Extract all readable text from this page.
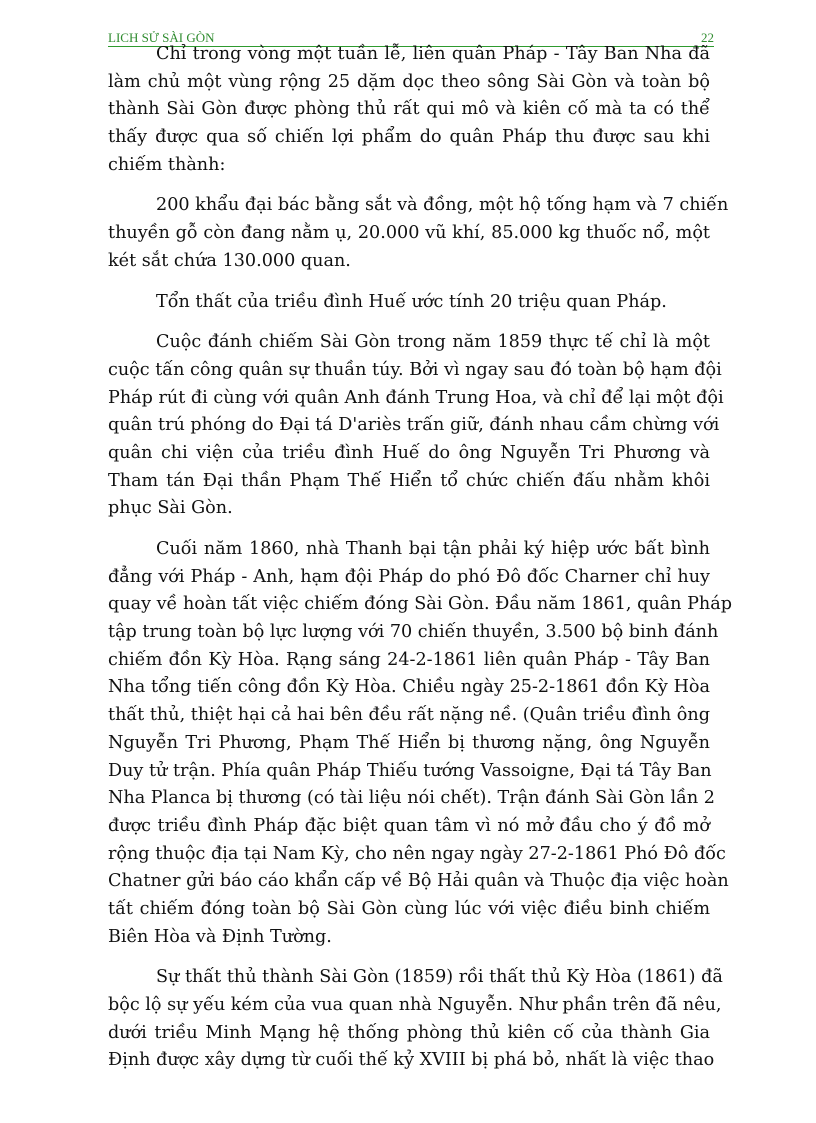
LICH SỬ SÀI GÒN	22
Chỉ trong vòng một tuần lễ, liên quân Pháp - Tây Ban Nha đã
làm chủ một vùng rộng 25 dặm dọc theo sông Sài Gòn và toàn bộ
thành Sài Gòn được phòng thủ rất qui mô và kiên cố mà ta có thể
thấy được qua số chiến lợi phẩm do quân Pháp thu được sau khi
chiếm thành:
200 khẩu đại bác bằng sắt và đồng, một hộ tống hạm và 7 chiến
thuyền gỗ còn đang nằm ụ, 20.000 vũ khí, 85.000 kg thuốc nổ, một
két sắt chứa 130.000 quan.
Tổn thất của triều đình Huế ước tính 20 triệu quan Pháp.
Cuộc đánh chiếm Sài Gòn trong năm 1859 thực tế chỉ là một
cuộc tấn công quân sự thuần túy. Bởi vì ngay sau đó toàn bộ hạm đội
Pháp rút đi cùng với quân Anh đánh Trung Hoa, và chỉ để lại một đội
quân trú phóng do Đại tá D'ariès trấn giữ, đánh nhau cầm chừng với
quân chi viện của triều đình Huế do ông Nguyễn Tri Phương và
Tham tán Đại thần Phạm Thế Hiển tổ chức chiến đấu nhằm khôi
phục Sài Gòn.
Cuối năm 1860, nhà Thanh bại tận phải ký hiệp ước bất bình
đẳng với Pháp - Anh, hạm đội Pháp do phó Đô đốc Charner chỉ huy
quay về hoàn tất việc chiếm đóng Sài Gòn. Đầu năm 1861, quân Pháp
tập trung toàn bộ lực lượng với 70 chiến thuyền, 3.500 bộ binh đánh
chiếm đồn Kỳ Hòa. Rạng sáng 24-2-1861 liên quân Pháp - Tây Ban
Nha tổng tiến công đồn Kỳ Hòa. Chiều ngày 25-2-1861 đồn Kỳ Hòa
thất thủ, thiệt hại cả hai bên đều rất nặng nề. (Quân triều đình ông
Nguyễn Tri Phương, Phạm Thế Hiển bị thương nặng, ông Nguyễn
Duy tử trận. Phía quân Pháp Thiếu tướng Vassoigne, Đại tá Tây Ban
Nha Planca bị thương (có tài liệu nói chết). Trận đánh Sài Gòn lần 2
được triều đình Pháp đặc biệt quan tâm vì nó mở đầu cho ý đồ mở
rộng thuộc địa tại Nam Kỳ, cho nên ngay ngày 27-2-1861 Phó Đô đốc
Chatner gửi báo cáo khẩn cấp về Bộ Hải quân và Thuộc địa việc hoàn
tất chiếm đóng toàn bộ Sài Gòn cùng lúc với việc điều binh chiếm
Biên Hòa và Định Tường.
Sự thất thủ thành Sài Gòn (1859) rồi thất thủ Kỳ Hòa (1861) đã
bộc lộ sự yếu kém của vua quan nhà Nguyễn. Như phần trên đã nêu,
dưới triều Minh Mạng hệ thống phòng thủ kiên cố của thành Gia
Định được xây dựng từ cuối thế kỷ XVIII bị phá bỏ, nhất là việc thao
